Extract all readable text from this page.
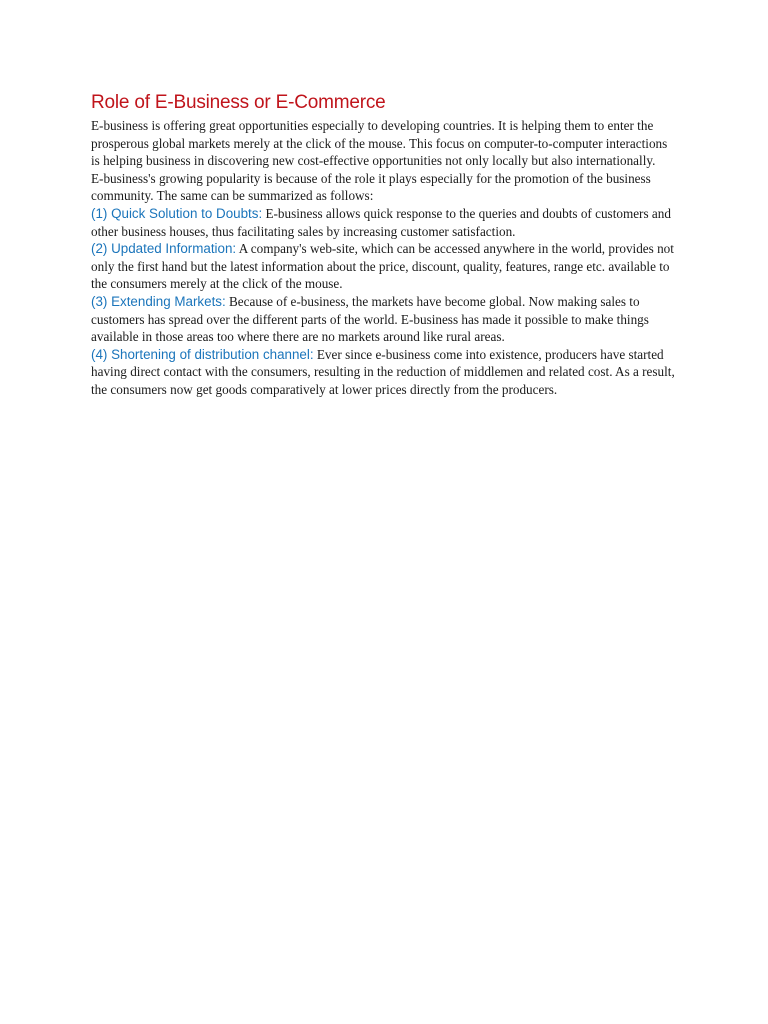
Role of E-Business or E-Commerce

E-business is offering great opportunities especially to developing countries. It is helping them to enter the prosperous global markets merely at the click of the mouse. This focus on computer-to-computer interactions is helping business in discovering new cost-effective opportunities not only locally but also internationally.

E-business's growing popularity is because of the role it plays especially for the promotion of the business community. The same can be summarized as follows:

(1) Quick Solution to Doubts: E-business allows quick response to the queries and doubts of customers and other business houses, thus facilitating sales by increasing customer satisfaction.

(2) Updated Information: A company's web-site, which can be accessed anywhere in the world, provides not only the first hand but the latest information about the price, discount, quality, features, range etc. available to the consumers merely at the click of the mouse.

(3) Extending Markets: Because of e-business, the markets have become global. Now making sales to customers has spread over the different parts of the world. E-business has made it possible to make things available in those areas too where there are no markets around like rural areas.

(4) Shortening of distribution channel: Ever since e-business come into existence, producers have started having direct contact with the consumers, resulting in the reduction of middlemen and related cost. As a result, the consumers now get goods comparatively at lower prices directly from the producers.
